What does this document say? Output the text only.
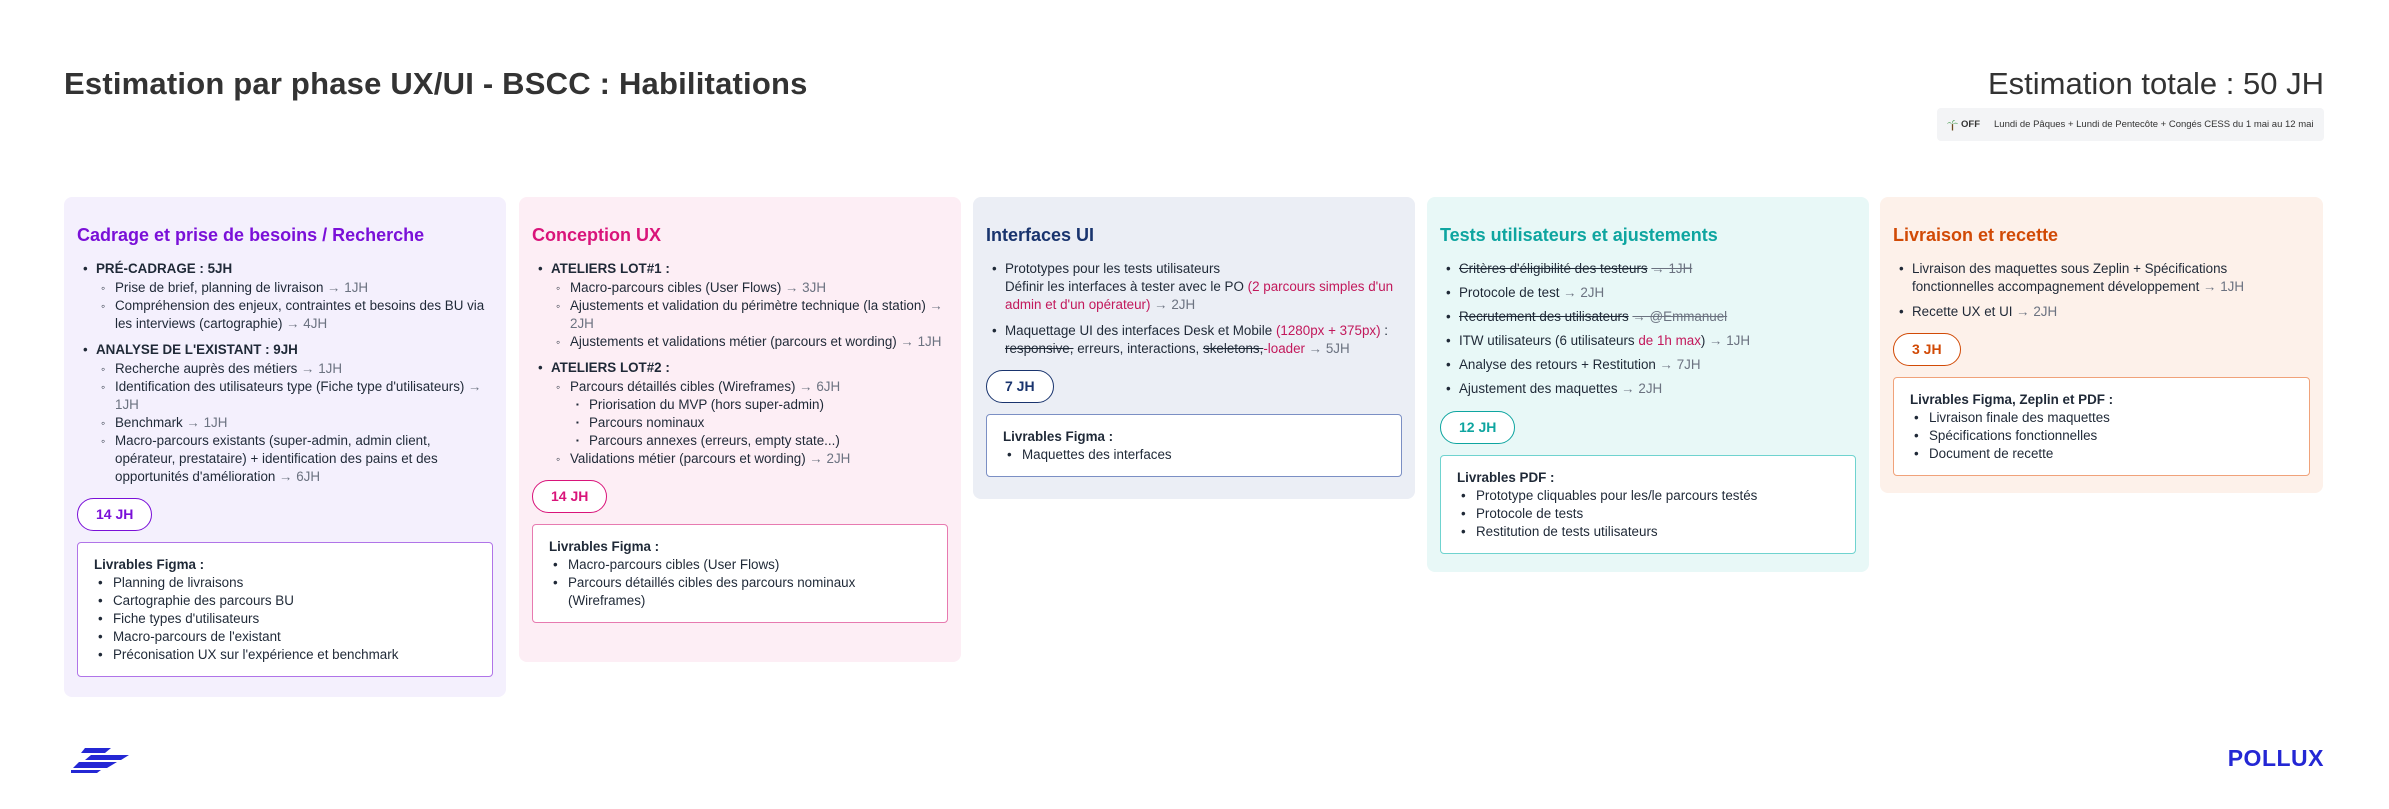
Estimation par phase UX/UI - BSCC : Habilitations	Estimation totale : 50 JH
OFF Lundi de Pâques + Lundi de Pentecôte + Congés CESS du 1 mai au 12 mai
Cadrage et prise de besoins / Recherche
• PRÉ-CADRAGE : 5JH
◦ Prise de brief, planning de livraison → 1JH
◦ Compréhension des enjeux, contraintes et besoins des BU via les interviews (cartographie) → 4JH
• ANALYSE DE L'EXISTANT : 9JH
◦ Recherche auprès des métiers → 1JH
◦ Identification des utilisateurs type (Fiche type d'utilisateurs) → 1JH
◦ Benchmark → 1JH
◦ Macro-parcours existants (super-admin, admin client, opérateur, prestataire) + identification des pains et des opportunités d'amélioration → 6JH
14 JH
Livrables Figma :
• Planning de livraisons
• Cartographie des parcours BU
• Fiche types d'utilisateurs
• Macro-parcours de l'existant
• Préconisation UX sur l'expérience et benchmark
Conception UX
• ATELIERS LOT#1 :
◦ Macro-parcours cibles (User Flows) → 3JH
◦ Ajustements et validation du périmètre technique (la station) → 2JH
◦ Ajustements et validations métier (parcours et wording) → 1JH
• ATELIERS LOT#2 :
◦ Parcours détaillés cibles (Wireframes) → 6JH
▪ Priorisation du MVP (hors super-admin)
▪ Parcours nominaux
▪ Parcours annexes (erreurs, empty state...)
◦ Validations métier (parcours et wording) → 2JH
14 JH
Livrables Figma :
• Macro-parcours cibles (User Flows)
• Parcours détaillés cibles des parcours nominaux (Wireframes)
Interfaces UI
• Prototypes pour les tests utilisateurs
Définir les interfaces à tester avec le PO (2 parcours simples d'un admin et d'un opérateur) → 2JH
• Maquettage UI des interfaces Desk et Mobile (1280px + 375px) : responsive, erreurs, interactions, skeletons,-loader → 5JH
7 JH
Livrables Figma :
• Maquettes des interfaces
Tests utilisateurs et ajustements
• Critères d'éligibilité des testeurs → 1JH
• Protocole de test → 2JH
• Recrutement des utilisateurs → @Emmanuel
• ITW utilisateurs (6 utilisateurs de 1h max) → 1JH
• Analyse des retours + Restitution → 7JH
• Ajustement des maquettes → 2JH
12 JH
Livrables PDF :
• Prototype cliquables pour les/le parcours testés
• Protocole de tests
• Restitution de tests utilisateurs
Livraison et recette
• Livraison des maquettes sous Zeplin + Spécifications fonctionnelles accompagnement développement → 1JH
• Recette UX et UI → 2JH
3 JH
Livrables Figma, Zeplin et PDF :
• Livraison finale des maquettes
• Spécifications fonctionnelles
• Document de recette
POLLUX
